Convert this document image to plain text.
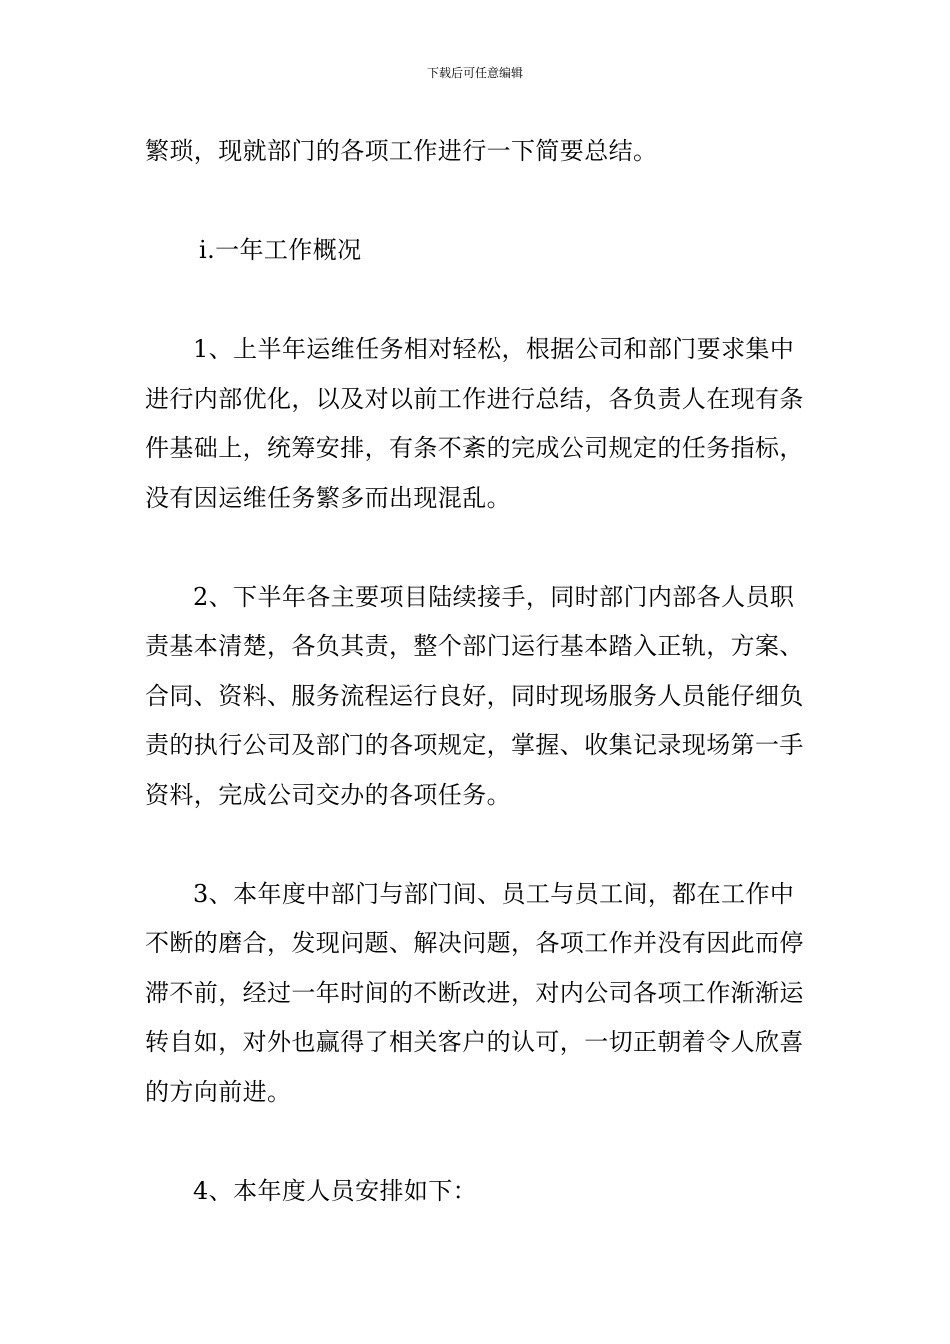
下载后可任意编辑

繁琐，现就部门的各项工作进行一下简要总结。

ⅰ.一年工作概况

1、上半年运维任务相对轻松，根据公司和部门要求集中进行内部优化，以及对以前工作进行总结，各负责人在现有条件基础上，统筹安排，有条不紊的完成公司规定的任务指标，没有因运维任务繁多而出现混乱。

2、下半年各主要项目陆续接手，同时部门内部各人员职责基本清楚，各负其责，整个部门运行基本踏入正轨，方案、合同、资料、服务流程运行良好，同时现场服务人员能仔细负责的执行公司及部门的各项规定，掌握、收集记录现场第一手资料，完成公司交办的各项任务。

3、本年度中部门与部门间、员工与员工间，都在工作中不断的磨合，发现问题、解决问题，各项工作并没有因此而停滞不前，经过一年时间的不断改进，对内公司各项工作渐渐运转自如，对外也赢得了相关客户的认可，一切正朝着令人欣喜的方向前进。

4、本年度人员安排如下：
